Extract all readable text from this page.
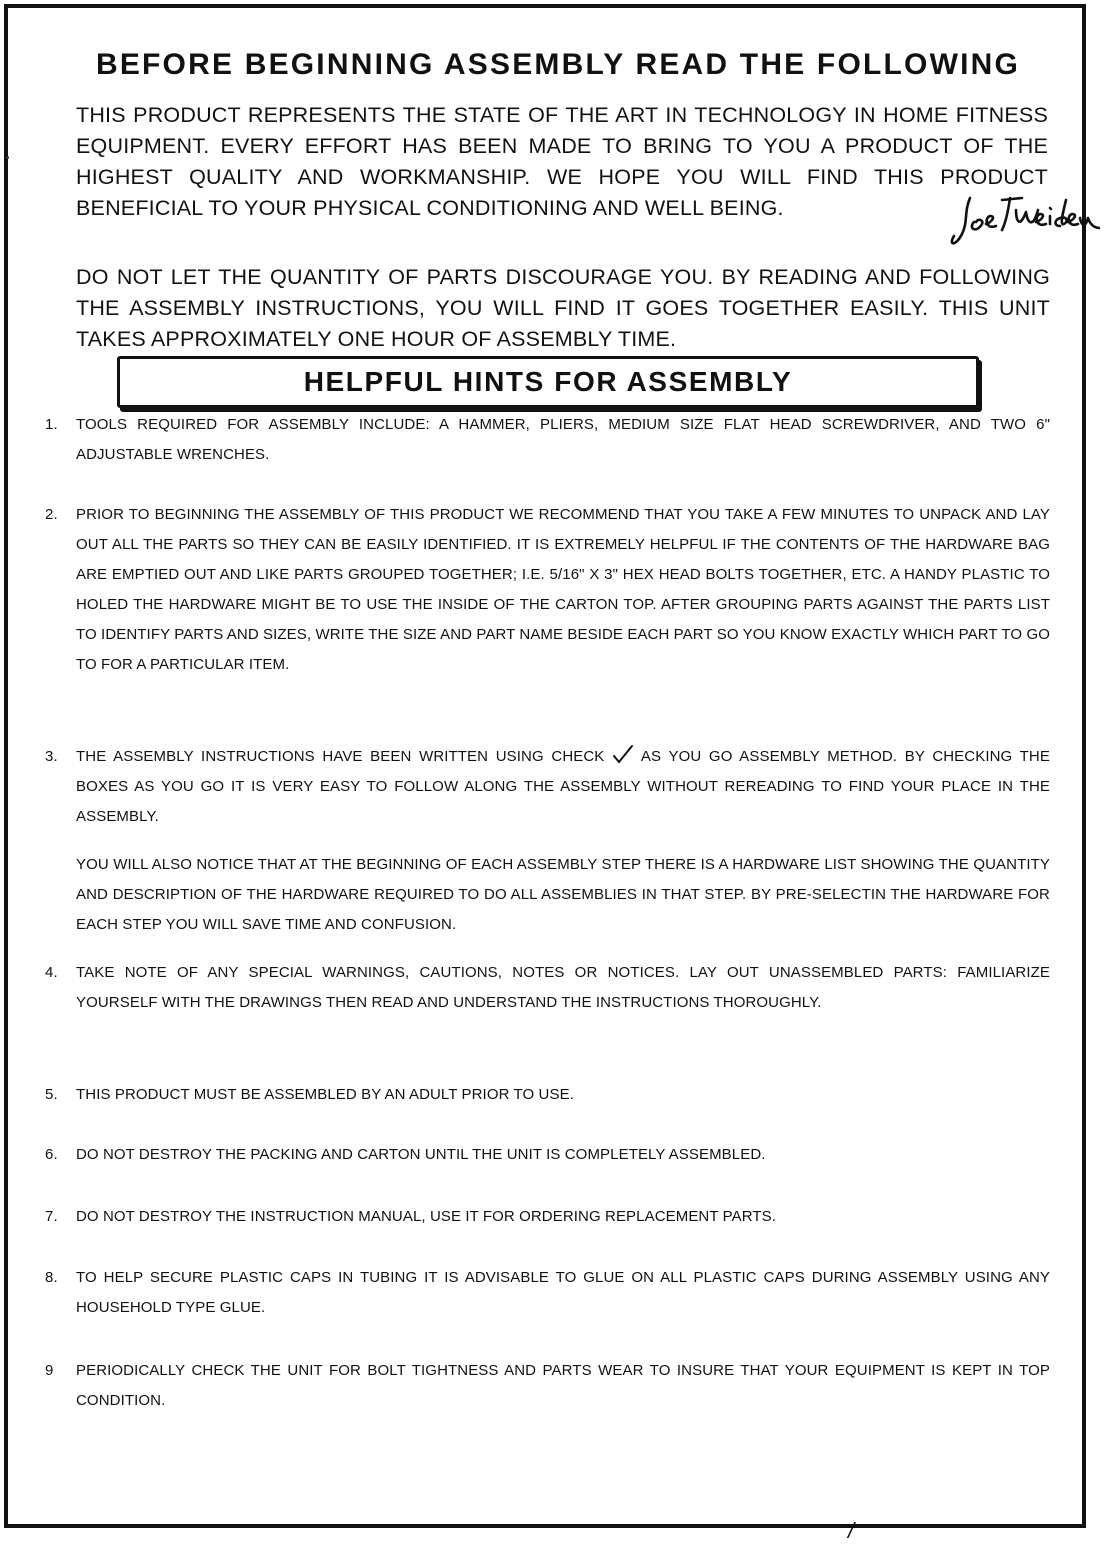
BEFORE BEGINNING ASSEMBLY READ THE FOLLOWING
THIS PRODUCT REPRESENTS THE STATE OF THE ART IN TECHNOLOGY IN HOME FITNESS EQUIPMENT. EVERY EFFORT HAS BEEN MADE TO BRING TO YOU A PRODUCT OF THE HIGHEST QUALITY AND WORKMANSHIP. WE HOPE YOU WILL FIND THIS PRODUCT BENEFICIAL TO YOUR PHYSICAL CONDITIONING AND WELL BEING.
DO NOT LET THE QUANTITY OF PARTS DISCOURAGE YOU. BY READING AND FOLLOWING THE ASSEMBLY INSTRUCTIONS, YOU WILL FIND IT GOES TOGETHER EASILY. THIS UNIT TAKES APPROXIMATELY ONE HOUR OF ASSEMBLY TIME.
HELPFUL HINTS FOR ASSEMBLY
1.	TOOLS REQUIRED FOR ASSEMBLY INCLUDE: A HAMMER, PLIERS, MEDIUM SIZE FLAT HEAD SCREWDRIVER, AND TWO 6" ADJUSTABLE WRENCHES.
2.	PRIOR TO BEGINNING THE ASSEMBLY OF THIS PRODUCT WE RECOMMEND THAT YOU TAKE A FEW MINUTES TO UNPACK AND LAY OUT ALL THE PARTS SO THEY CAN BE EASILY IDENTIFIED. IT IS EXTREMELY HELPFUL IF THE CONTENTS OF THE HARDWARE BAG ARE EMPTIED OUT AND LIKE PARTS GROUPED TOGETHER; I.E. 5/16" X 3" HEX HEAD BOLTS TOGETHER, ETC. A HANDY PLASTIC TO HOLED THE HARDWARE MIGHT BE TO USE THE INSIDE OF THE CARTON TOP. AFTER GROUPING PARTS AGAINST THE PARTS LIST TO IDENTIFY PARTS AND SIZES, WRITE THE SIZE AND PART NAME BESIDE EACH PART SO YOU KNOW EXACTLY WHICH PART TO GO TO FOR A PARTICULAR ITEM.
3.	THE ASSEMBLY INSTRUCTIONS HAVE BEEN WRITTEN USING CHECK AS YOU GO ASSEMBLY METHOD. BY CHECKING THE BOXES AS YOU GO IT IS VERY EASY TO FOLLOW ALONG THE ASSEMBLY WITHOUT REREADING TO FIND YOUR PLACE IN THE ASSEMBLY.
YOU WILL ALSO NOTICE THAT AT THE BEGINNING OF EACH ASSEMBLY STEP THERE IS A HARDWARE LIST SHOWING THE QUANTITY AND DESCRIPTION OF THE HARDWARE REQUIRED TO DO ALL ASSEMBLIES IN THAT STEP. BY PRE-SELECTIN THE HARDWARE FOR EACH STEP YOU WILL SAVE TIME AND CONFUSION.
4.	TAKE NOTE OF ANY SPECIAL WARNINGS, CAUTIONS, NOTES OR NOTICES. LAY OUT UNASSEMBLED PARTS: FAMILIARIZE YOURSELF WITH THE DRAWINGS THEN READ AND UNDERSTAND THE INSTRUCTIONS THOROUGHLY.
5.	THIS PRODUCT MUST BE ASSEMBLED BY AN ADULT PRIOR TO USE.
6.	DO NOT DESTROY THE PACKING AND CARTON UNTIL THE UNIT IS COMPLETELY ASSEMBLED.
7.	DO NOT DESTROY THE INSTRUCTION MANUAL, USE IT FOR ORDERING REPLACEMENT PARTS.
8.	TO HELP SECURE PLASTIC CAPS IN TUBING IT IS ADVISABLE TO GLUE ON ALL PLASTIC CAPS DURING ASSEMBLY USING ANY HOUSEHOLD TYPE GLUE.
9	PERIODICALLY CHECK THE UNIT FOR BOLT TIGHTNESS AND PARTS WEAR TO INSURE THAT YOUR EQUIPMENT IS KEPT IN TOP CONDITION.
/
